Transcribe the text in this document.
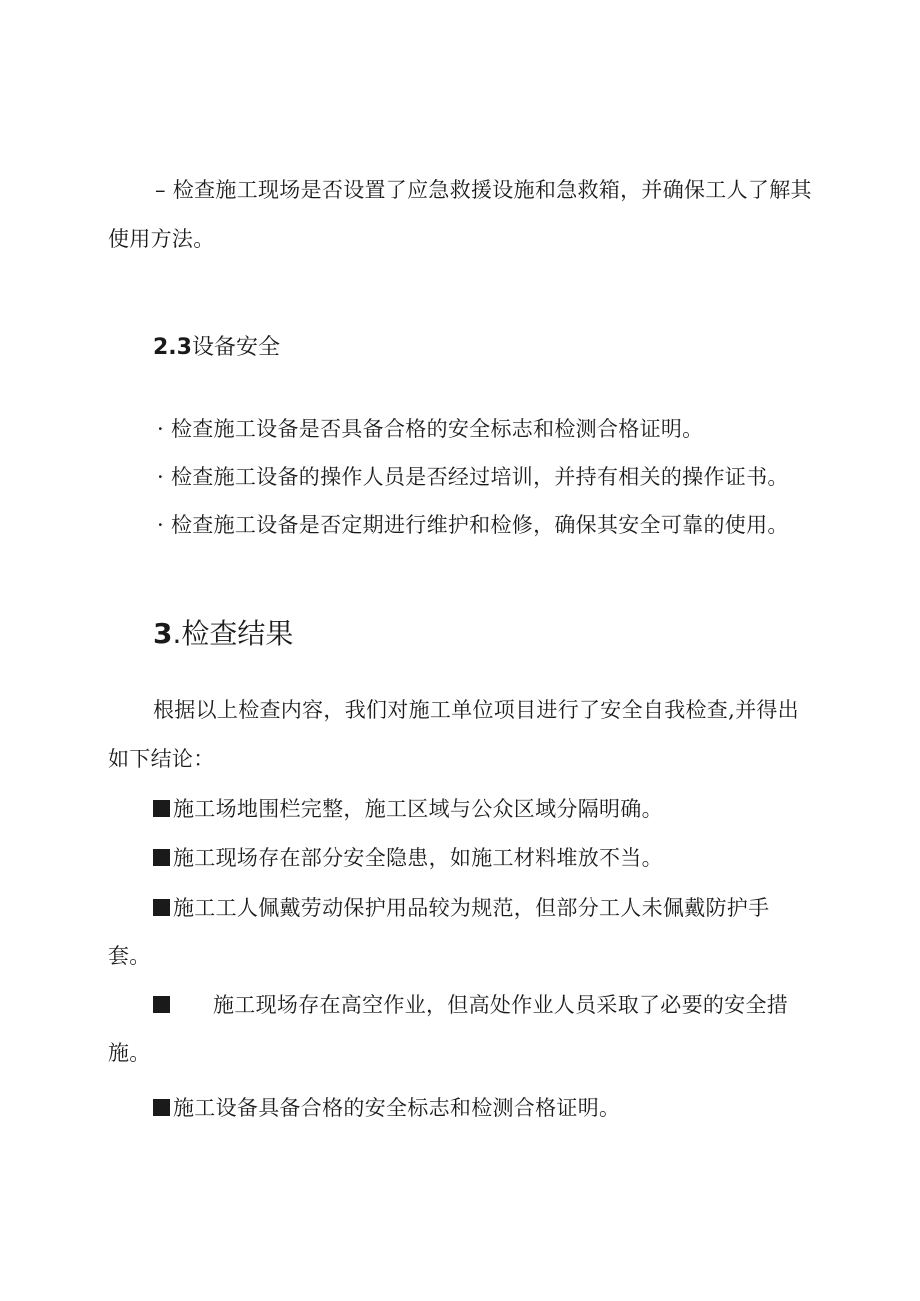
– 检查施工现场是否设置了应急救援设施和急救箱，并确保工人了解其
使用方法。
2.3设备安全
· 检查施工设备是否具备合格的安全标志和检测合格证明。
· 检查施工设备的操作人员是否经过培训，并持有相关的操作证书。
· 检查施工设备是否定期进行维护和检修，确保其安全可靠的使用。
3.检查结果
根据以上检查内容，我们对施工单位项目进行了安全自我检查,并得出
如下结论：
施工场地围栏完整，施工区域与公众区域分隔明确。
施工现场存在部分安全隐患，如施工材料堆放不当。
施工工人佩戴劳动保护用品较为规范，但部分工人未佩戴防护手
套。
施工现场存在高空作业，但高处作业人员采取了必要的安全措
施。
施工设备具备合格的安全标志和检测合格证明。
